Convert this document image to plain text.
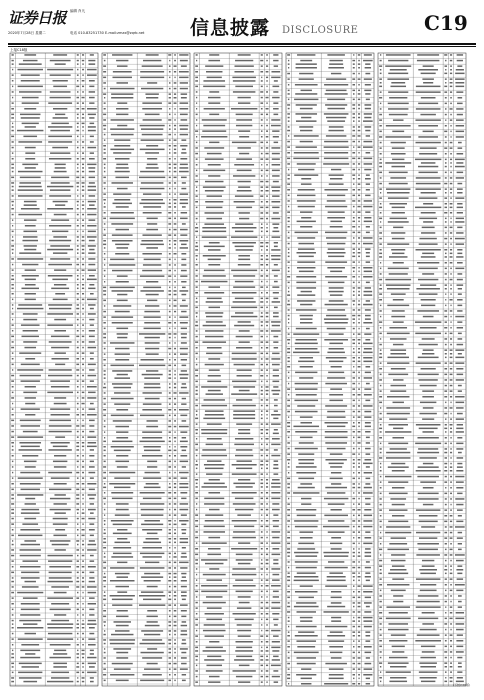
证券日报 编辑 肖凡
2020年7月28日 星期二	电话 010-83251730 E-mail:zmzx@zqrb.net 信息披露 DISCLOSURE	C19
上接C18版
(下转C20版)
